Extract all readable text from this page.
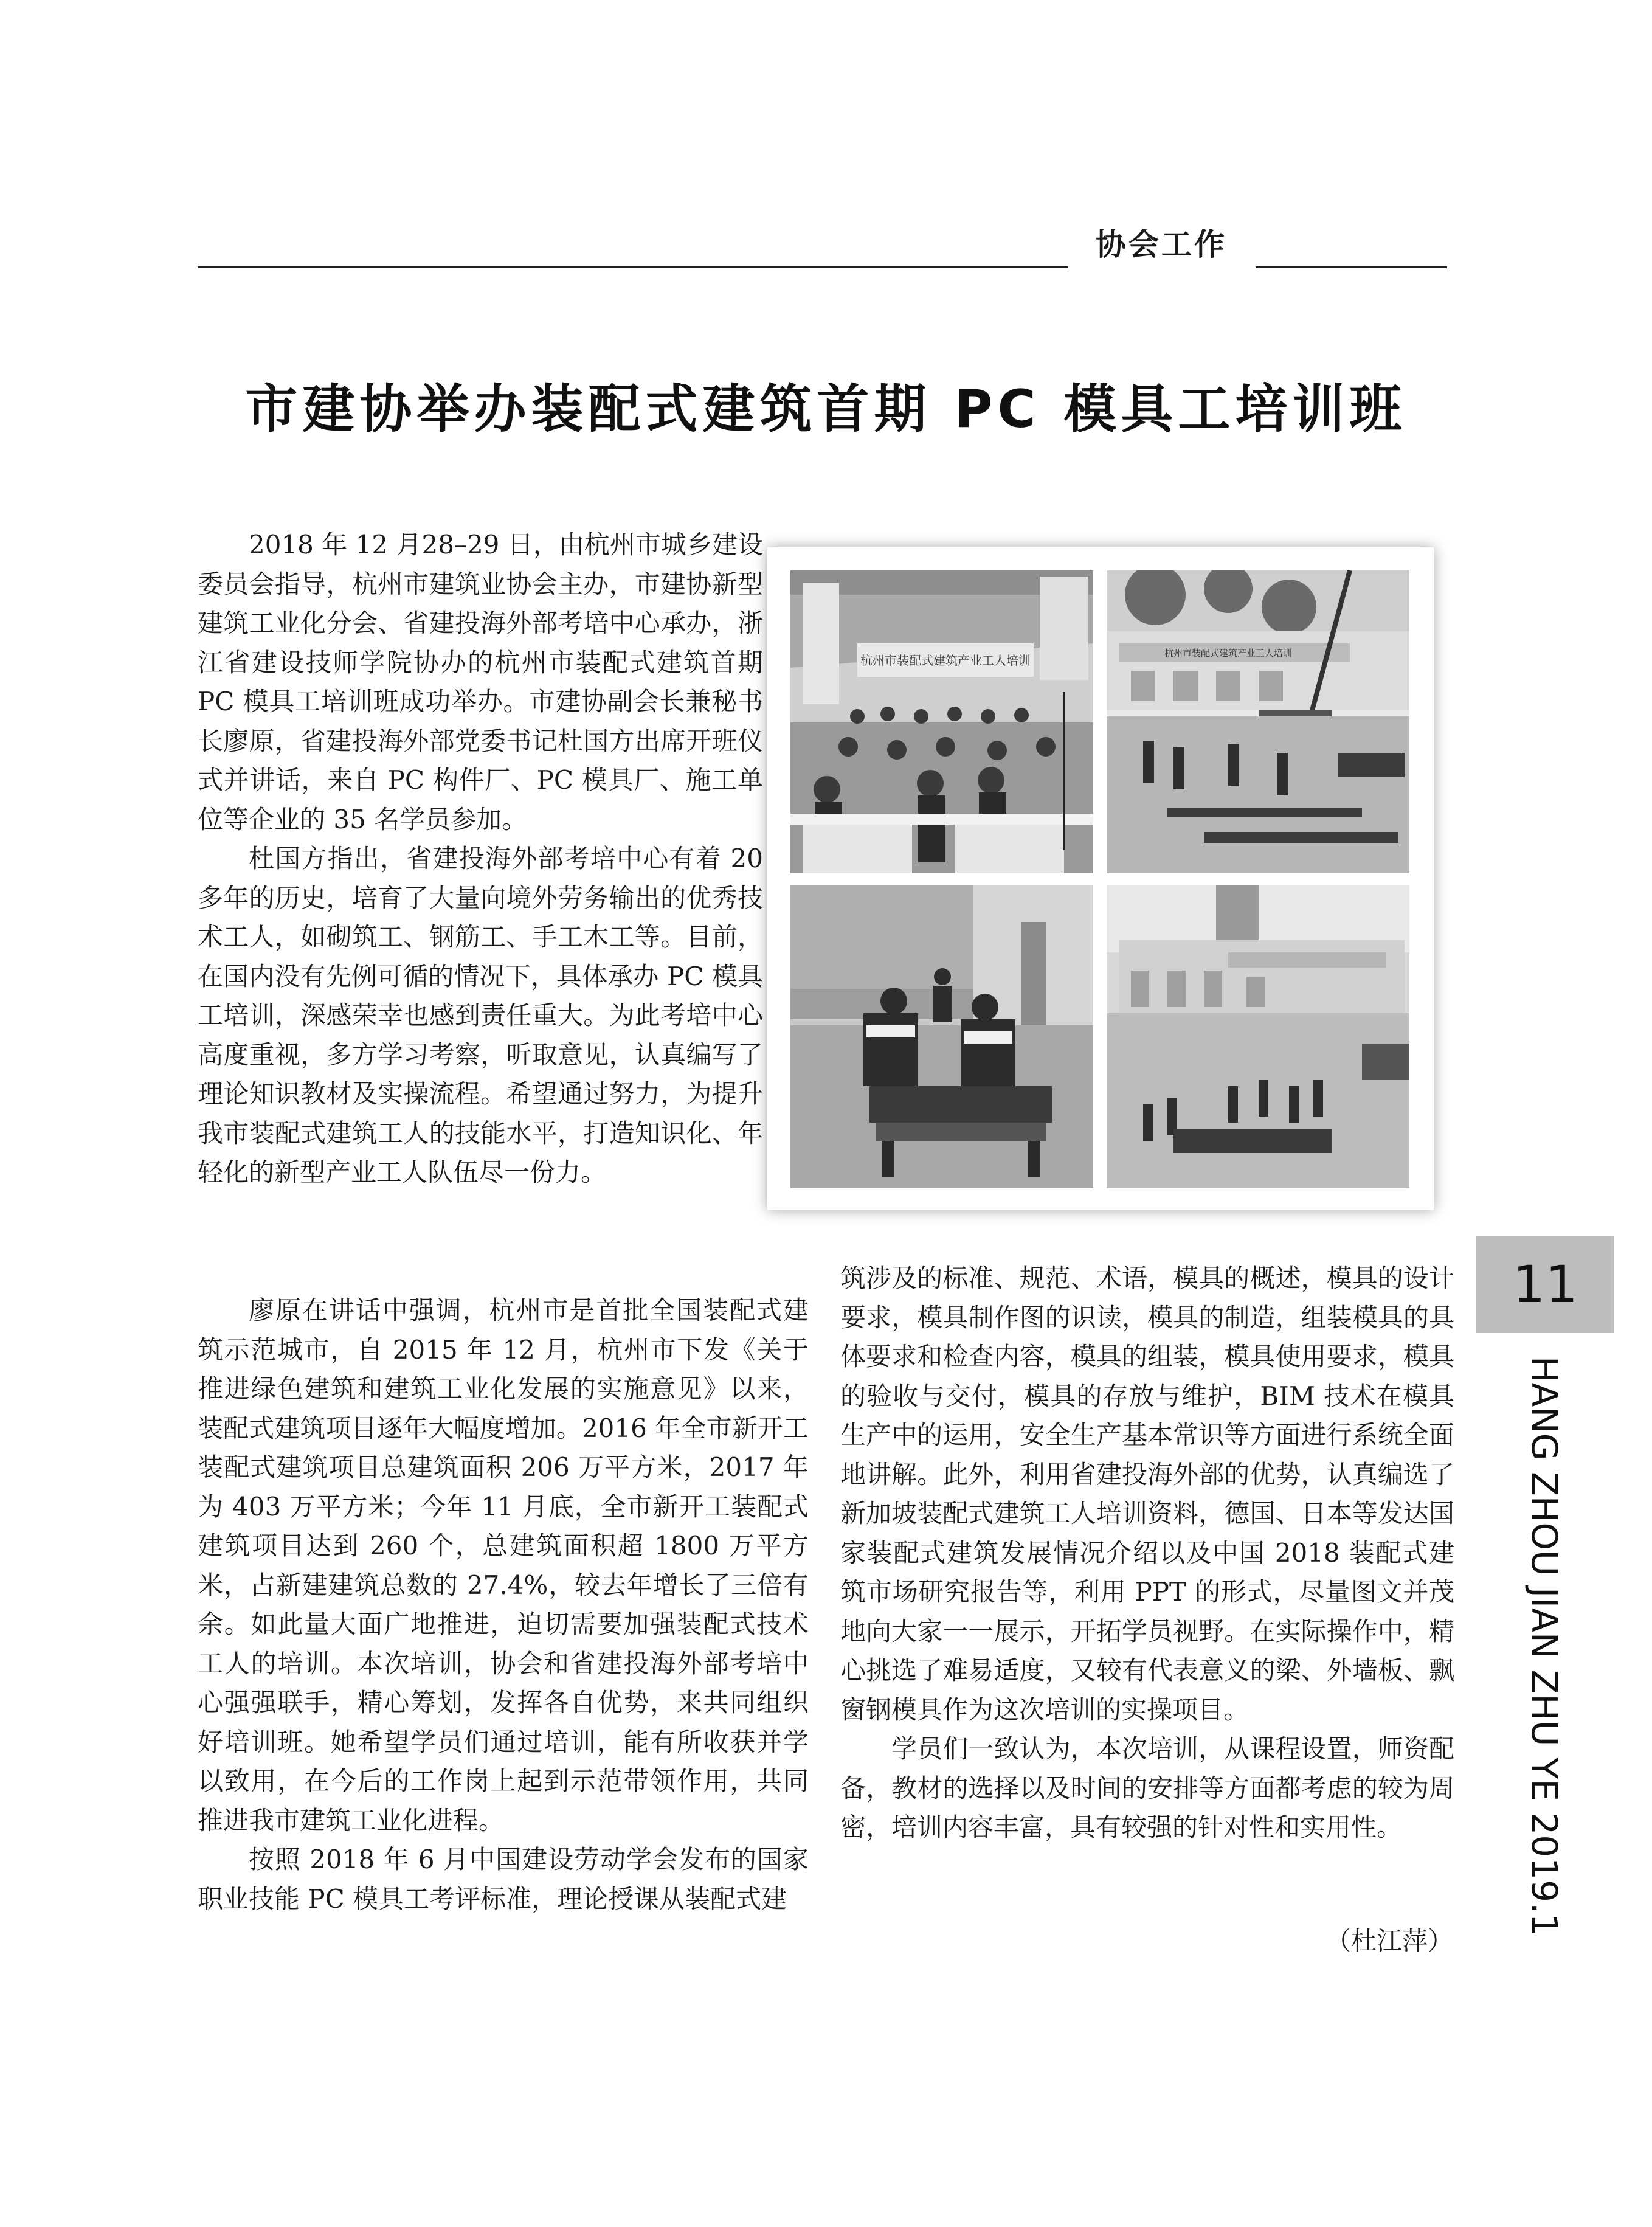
协会工作
市建协举办装配式建筑首期 PC 模具工培训班

2018 年 12 月28–29 日，由杭州市城乡建设委员会指导，杭州市建筑业协会主办，市建协新型建筑工业化分会、省建投海外部考培中心承办，浙江省建设技师学院协办的杭州市装配式建筑首期 PC 模具工培训班成功举办。市建协副会长兼秘书长廖原，省建投海外部党委书记杜国方出席开班仪式并讲话，来自 PC 构件厂、PC 模具厂、施工单位等企业的 35 名学员参加。

杜国方指出，省建投海外部考培中心有着 20 多年的历史，培育了大量向境外劳务输出的优秀技术工人，如砌筑工、钢筋工、手工木工等。目前，在国内没有先例可循的情况下，具体承办 PC 模具工培训，深感荣幸也感到责任重大。为此考培中心高度重视，多方学习考察，听取意见，认真编写了理论知识教材及实操流程。希望通过努力，为提升我市装配式建筑工人的技能水平，打造知识化、年轻化的新型产业工人队伍尽一份力。

廖原在讲话中强调，杭州市是首批全国装配式建筑示范城市，自 2015 年 12 月，杭州市下发《关于推进绿色建筑和建筑工业化发展的实施意见》以来，装配式建筑项目逐年大幅度增加。2016 年全市新开工装配式建筑项目总建筑面积 206 万平方米，2017 年为 403 万平方米；今年 11 月底，全市新开工装配式建筑项目达到 260 个，总建筑面积超 1800 万平方米，占新建建筑总数的 27.4%，较去年增长了三倍有余。如此量大面广地推进，迫切需要加强装配式技术工人的培训。本次培训，协会和省建投海外部考培中心强强联手，精心筹划，发挥各自优势，来共同组织好培训班。她希望学员们通过培训，能有所收获并学以致用，在今后的工作岗上起到示范带领作用，共同推进我市建筑工业化进程。

按照 2018 年 6 月中国建设劳动学会发布的国家职业技能 PC 模具工考评标准，理论授课从装配式建

筑涉及的标准、规范、术语，模具的概述，模具的设计要求，模具制作图的识读，模具的制造，组装模具的具体要求和检查内容，模具的组装，模具使用要求，模具的验收与交付，模具的存放与维护，BIM 技术在模具生产中的运用，安全生产基本常识等方面进行系统全面地讲解。此外，利用省建投海外部的优势，认真编选了新加坡装配式建筑工人培训资料，德国、日本等发达国家装配式建筑发展情况介绍以及中国 2018 装配式建筑市场研究报告等，利用 PPT 的形式，尽量图文并茂地向大家一一展示，开拓学员视野。在实际操作中，精心挑选了难易适度，又较有代表意义的梁、外墙板、飘窗钢模具作为这次培训的实操项目。

学员们一致认为，本次培训，从课程设置，师资配备，教材的选择以及时间的安排等方面都考虑的较为周密，培训内容丰富，具有较强的针对性和实用性。

（杜江萍）
杭州市装配式建筑产业工人培训	杭州市装配式建筑产业工人培训
11
HANG ZHOU JIAN ZHU YE 2019.1
